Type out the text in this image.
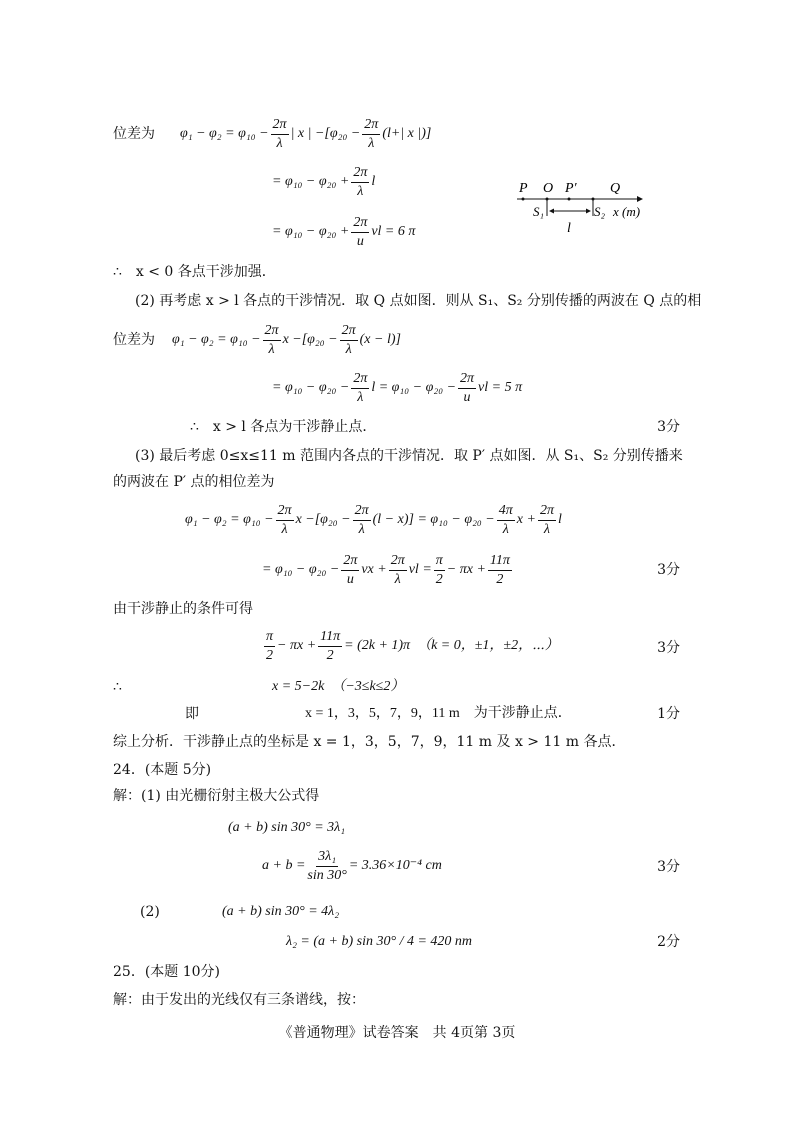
位差为 $\varphi_1 - \varphi_2 = \varphi_{10} - \frac{2\pi}{\lambda}$ | x | $-[\varphi_{20} - \frac{2\pi}{\lambda} (l+|$ x |)]
= $\varphi_{10} - \varphi_{20} + \frac{2\pi}{\lambda}$ l
= $\varphi_{10} - \varphi_{20} + \frac{2\pi}{u}$ νl = 6 π
P O P′ Q
S₁	S₂ x (m)
l
∴　x < 0 各点干涉加强．
(2) 再考虑 x > l 各点的干涉情况．取 Q 点如图．则从 S₁、S₂ 分别传播的两波在 Q 点的相
位差为 $\varphi_1 - \varphi_2 = \varphi_{10} - \frac{2\pi}{\lambda}$ $x -[\varphi_{20} - \frac{2\pi}{\lambda} (x - l)]$
= $\varphi_{10} - \varphi_{20} - \frac{2\pi}{\lambda}$ $l = \varphi_{10} - \varphi_{20} - \frac{2\pi}{u}$ νl = 5 π
∴　x > l 各点为干涉静止点．	3分
(3) 最后考虑 0≤x≤11 m 范围内各点的干涉情况．取 P′ 点如图．从 S₁、S₂ 分别传播来
的两波在 P′ 点的相位差为
$\varphi_1 - \varphi_2 = \varphi_{10} - \frac{2\pi}{\lambda}$ $x -[\varphi_{20} - \frac{2\pi}{\lambda} (l - x)] = \varphi_{10} - \varphi_{20} - \frac{4\pi}{\lambda}$ $x + \frac{2\pi}{\lambda}$ l
= $\varphi_{10} - \varphi_{20} - \frac{2\pi}{u}$ $\nu x + \frac{2\pi}{\lambda}$ $\nu l = \frac{\pi}{2} - \pi x + \frac{11\pi}{2}$	3分
由干涉静止的条件可得
$\frac{\pi}{2} - \pi x + \frac{11\pi}{2} = (2k + 1)\pi$　（k = 0，±1，±2，⋯）	3分
∴	x = 5−2k　（−3≤k≤2）
即	x = 1，3，5，7，9，11 m　为干涉静止点．	1分
综上分析．干涉静止点的坐标是 x = 1，3，5，7，9，11 m 及 x > 11 m 各点．
24．(本题 5分)
解：(1) 由光栅衍射主极大公式得
(a + b) sin 30° = 3λ₁
$a + b = \frac{\text{3λ₁}}{\sin 30^\circ} = 3.36\times 10^{-4}$ cm	3分
(2)	(a + b) sin 30° = 4λ₂
λ₂ = (a + b) sin 30° / 4 = 420 nm	2分
25．(本题 10分)
解：由于发出的光线仅有三条谱线，按：
《普通物理》试卷答案　共 4页第 3页
